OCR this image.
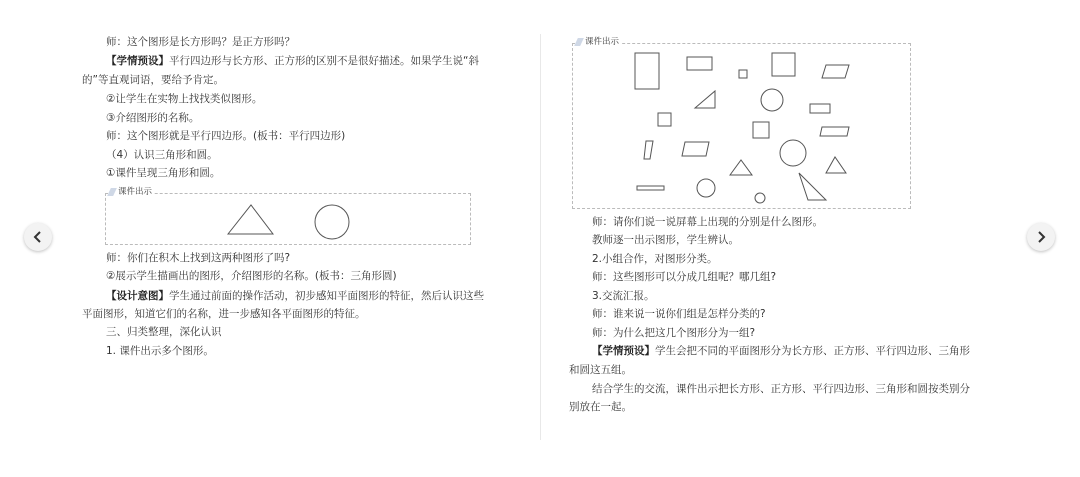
师：这个图形是长方形吗？是正方形吗？
【学情预设】平行四边形与长方形、正方形的区别不是很好描述。如果学生说“斜
的”等直观词语，要给予肯定。
②让学生在实物上找找类似图形。
③介绍图形的名称。
师：这个图形就是平行四边形。(板书：平行四边形)
（4）认识三角形和圆。
①课件呈现三角形和圆。
课件出示
师：你们在积木上找到这两种图形了吗?
②展示学生描画出的图形，介绍图形的名称。(板书：三角形圆)
【设计意图】学生通过前面的操作活动，初步感知平面图形的特征，然后认识这些
平面图形，知道它们的名称，进一步感知各平面图形的特征。
三、归类整理，深化认识
1. 课件出示多个图形。
课件出示
师：请你们说一说屏幕上出现的分别是什么图形。
教师逐一出示图形，学生辨认。
2.小组合作，对图形分类。
师：这些图形可以分成几组呢？哪几组?
3.交流汇报。
师：谁来说一说你们组是怎样分类的?
师：为什么把这几个图形分为一组?
【学情预设】学生会把不同的平面图形分为长方形、正方形、平行四边形、三角形
和圆这五组。
结合学生的交流，课件出示把长方形、正方形、平行四边形、三角形和圆按类别分
别放在一起。
